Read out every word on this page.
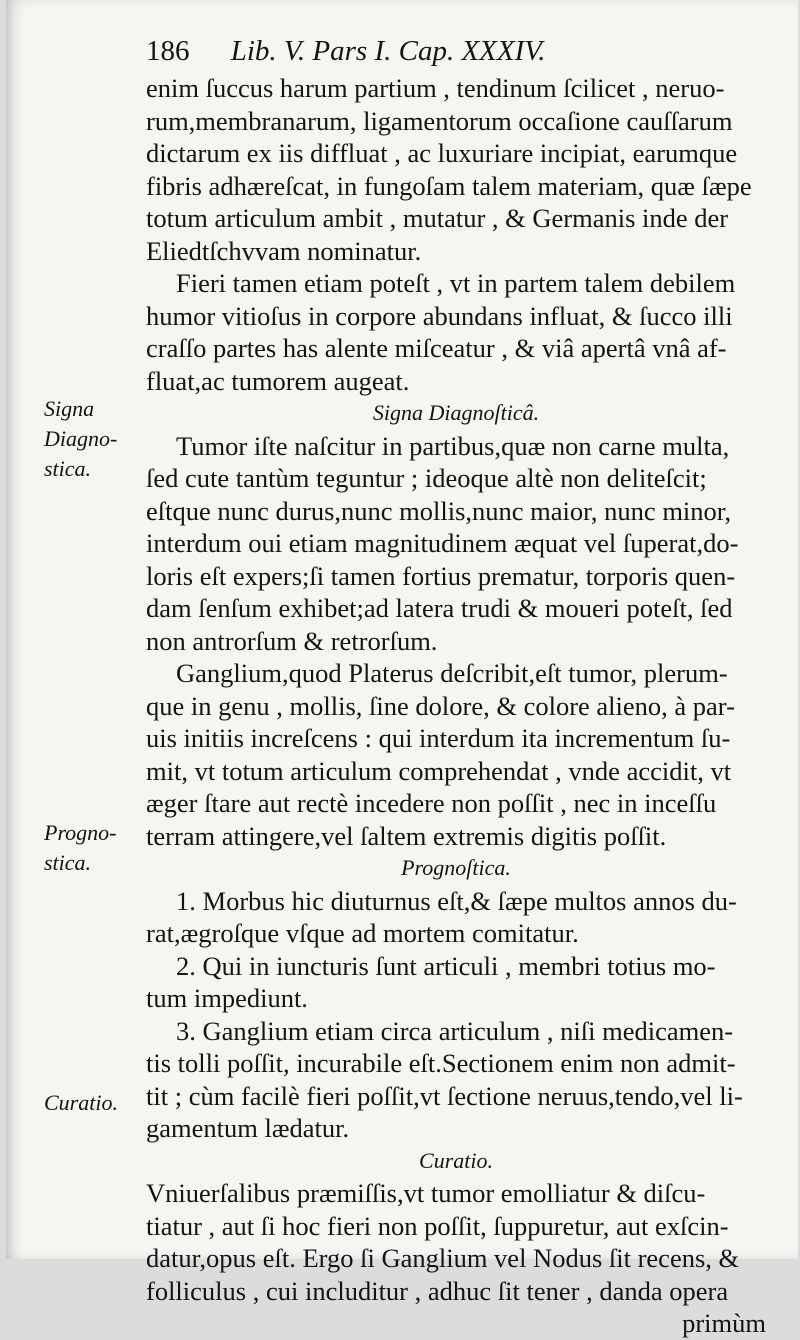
186 Lib. V. Pars I. Cap. XXXIV.
Signa
Diagno-
stica.
Progno-
stica.
Curatio.
enim ſuccus harum partium , tendinum ſcilicet , neruo-
rum,membranarum, ligamentorum occaſione cauſſarum
dictarum ex iis diffluat , ac luxuriare incipiat, earumque
fibris adhæreſcat, in fungoſam talem materiam, quæ ſæpe
totum articulum ambit , mutatur , & Germanis inde der
Eliedtſchvvam nominatur.
Fieri tamen etiam poteſt , vt in partem talem debilem
humor vitioſus in corpore abundans influat, & ſucco illi
craſſo partes has alente miſceatur , & viâ apertâ vnâ af-
fluat,ac tumorem augeat.
Signa Diagnoſticâ.
Tumor iſte naſcitur in partibus,quæ non carne multa,
ſed cute tantùm teguntur ; ideoque altè non deliteſcit;
eſtque nunc durus,nunc mollis,nunc maior, nunc minor,
interdum oui etiam magnitudinem æquat vel ſuperat,do-
loris eſt expers;ſi tamen fortius prematur, torporis quen-
dam ſenſum exhibet;ad latera trudi & moueri poteſt, ſed
non antrorſum & retrorſum.
Ganglium,quod Platerus deſcribit,eſt tumor, plerum-
que in genu , mollis, ſine dolore, & colore alieno, à par-
uis initiis increſcens : qui interdum ita incrementum ſu-
mit, vt totum articulum comprehendat , vnde accidit, vt
æger ſtare aut rectè incedere non poſſit , nec in inceſſu
terram attingere,vel ſaltem extremis digitis poſſit.
Prognoſtica.
1. Morbus hic diuturnus eſt,& ſæpe multos annos du-
rat,ægroſque vſque ad mortem comitatur.
2. Qui in iuncturis ſunt articuli , membri totius mo-
tum impediunt.
3. Ganglium etiam circa articulum , niſi medicamen-
tis tolli poſſit, incurabile eſt.Sectionem enim non admit-
tit ; cùm facilè fieri poſſit,vt ſectione neruus,tendo,vel li-
gamentum lædatur.
Curatio.
Vniuerſalibus præmiſſis,vt tumor emolliatur & diſcu-
tiatur , aut ſi hoc fieri non poſſit, ſuppuretur, aut exſcin-
datur,opus eſt. Ergo ſi Ganglium vel Nodus ſit recens, &
folliculus , cui includitur , adhuc ſit tener , danda opera
primùm
